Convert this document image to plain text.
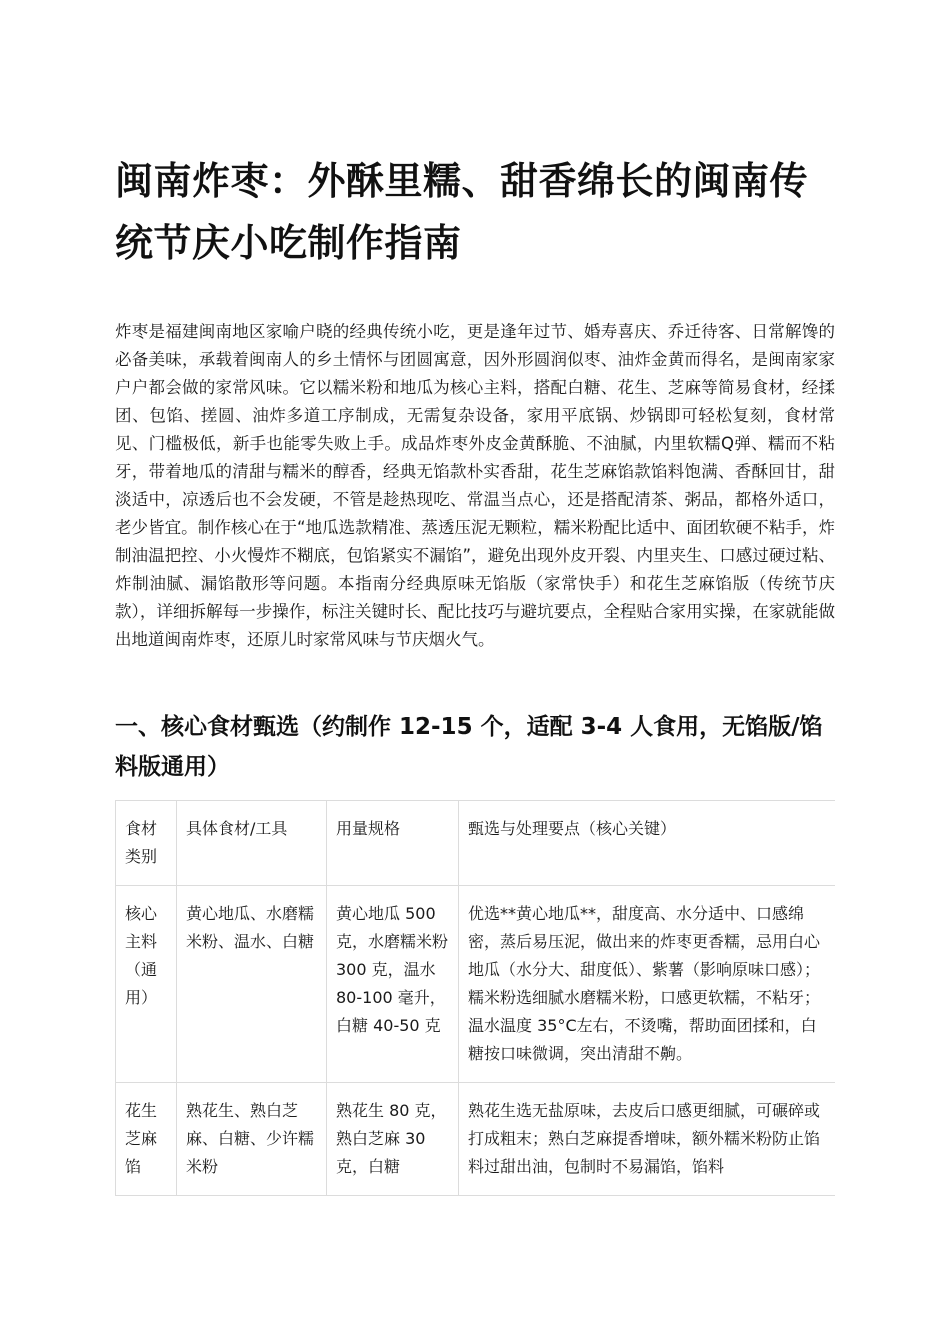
闽南炸枣：外酥里糯、甜香绵长的闽南传统节庆小吃制作指南

炸枣是福建闽南地区家喻户晓的经典传统小吃，更是逢年过节、婚寿喜庆、乔迁待客、日常解馋的必备美味，承载着闽南人的乡土情怀与团圆寓意，因外形圆润似枣、油炸金黄而得名，是闽南家家户户都会做的家常风味。它以糯米粉和地瓜为核心主料，搭配白糖、花生、芝麻等简易食材，经揉团、包馅、搓圆、油炸多道工序制成，无需复杂设备，家用平底锅、炒锅即可轻松复刻，食材常见、门槛极低，新手也能零失败上手。成品炸枣外皮金黄酥脆、不油腻，内里软糯Q弹、糯而不粘牙，带着地瓜的清甜与糯米的醇香，经典无馅款朴实香甜，花生芝麻馅款馅料饱满、香酥回甘，甜淡适中，凉透后也不会发硬，不管是趁热现吃、常温当点心，还是搭配清茶、粥品，都格外适口，老少皆宜。制作核心在于“地瓜选款精准、蒸透压泥无颗粒，糯米粉配比适中、面团软硬不粘手，炸制油温把控、小火慢炸不糊底，包馅紧实不漏馅”，避免出现外皮开裂、内里夹生、口感过硬过粘、炸制油腻、漏馅散形等问题。本指南分经典原味无馅版（家常快手）和花生芝麻馅版（传统节庆款），详细拆解每一步操作，标注关键时长、配比技巧与避坑要点，全程贴合家用实操，在家就能做出地道闽南炸枣，还原儿时家常风味与节庆烟火气。

一、核心食材甄选（约制作 12-15 个，适配 3-4 人食用，无馅版/馅料版通用）
食材类别	具体食材/工具	用量规格	甄选与处理要点（核心关键）
核心主料（通用）	黄心地瓜、水磨糯米粉、温水、白糖	黄心地瓜 500 克，水磨糯米粉 300 克，温水 80-100 毫升，白糖 40-50 克	优选**黄心地瓜**，甜度高、水分适中、口感绵密，蒸后易压泥，做出来的炸枣更香糯，忌用白心地瓜（水分大、甜度低）、紫薯（影响原味口感）；糯米粉选细腻水磨糯米粉，口感更软糯，不粘牙；温水温度 35°C左右，不烫嘴，帮助面团揉和，白糖按口味微调，突出清甜不齁。
花生芝麻馅	熟花生、熟白芝麻、白糖、少许糯米粉	熟花生 80 克，熟白芝麻 30 克，白糖	熟花生选无盐原味，去皮后口感更细腻，可碾碎或打成粗末；熟白芝麻提香增味，额外糯米粉防止馅料过甜出油，包制时不易漏馅，馅料
